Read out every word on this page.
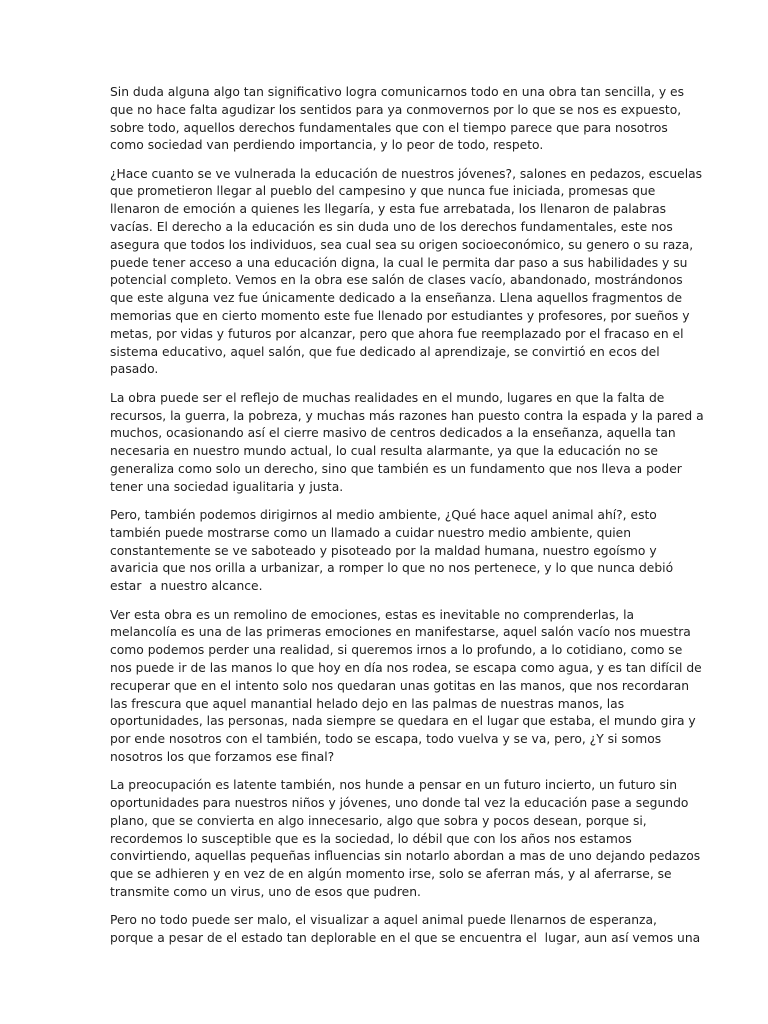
Sin duda alguna algo tan significativo logra comunicarnos todo en una obra tan sencilla, y es
que no hace falta agudizar los sentidos para ya conmovernos por lo que se nos es expuesto,
sobre todo, aquellos derechos fundamentales que con el tiempo parece que para nosotros
como sociedad van perdiendo importancia, y lo peor de todo, respeto.

¿Hace cuanto se ve vulnerada la educación de nuestros jóvenes?, salones en pedazos, escuelas
que prometieron llegar al pueblo del campesino y que nunca fue iniciada, promesas que
llenaron de emoción a quienes les llegaría, y esta fue arrebatada, los llenaron de palabras
vacías. El derecho a la educación es sin duda uno de los derechos fundamentales, este nos
asegura que todos los individuos, sea cual sea su origen socioeconómico, su genero o su raza,
puede tener acceso a una educación digna, la cual le permita dar paso a sus habilidades y su
potencial completo. Vemos en la obra ese salón de clases vacío, abandonado, mostrándonos
que este alguna vez fue únicamente dedicado a la enseñanza. Llena aquellos fragmentos de
memorias que en cierto momento este fue llenado por estudiantes y profesores, por sueños y
metas, por vidas y futuros por alcanzar, pero que ahora fue reemplazado por el fracaso en el
sistema educativo, aquel salón, que fue dedicado al aprendizaje, se convirtió en ecos del
pasado.

La obra puede ser el reflejo de muchas realidades en el mundo, lugares en que la falta de
recursos, la guerra, la pobreza, y muchas más razones han puesto contra la espada y la pared a
muchos, ocasionando así el cierre masivo de centros dedicados a la enseñanza, aquella tan
necesaria en nuestro mundo actual, lo cual resulta alarmante, ya que la educación no se
generaliza como solo un derecho, sino que también es un fundamento que nos lleva a poder
tener una sociedad igualitaria y justa.

Pero, también podemos dirigirnos al medio ambiente, ¿Qué hace aquel animal ahí?, esto
también puede mostrarse como un llamado a cuidar nuestro medio ambiente, quien
constantemente se ve saboteado y pisoteado por la maldad humana, nuestro egoísmo y
avaricia que nos orilla a urbanizar, a romper lo que no nos pertenece, y lo que nunca debió
estar  a nuestro alcance.

Ver esta obra es un remolino de emociones, estas es inevitable no comprenderlas, la
melancolía es una de las primeras emociones en manifestarse, aquel salón vacío nos muestra
como podemos perder una realidad, si queremos irnos a lo profundo, a lo cotidiano, como se
nos puede ir de las manos lo que hoy en día nos rodea, se escapa como agua, y es tan difícil de
recuperar que en el intento solo nos quedaran unas gotitas en las manos, que nos recordaran
las frescura que aquel manantial helado dejo en las palmas de nuestras manos, las
oportunidades, las personas, nada siempre se quedara en el lugar que estaba, el mundo gira y
por ende nosotros con el también, todo se escapa, todo vuelva y se va, pero, ¿Y si somos
nosotros los que forzamos ese final?

La preocupación es latente también, nos hunde a pensar en un futuro incierto, un futuro sin
oportunidades para nuestros niños y jóvenes, uno donde tal vez la educación pase a segundo
plano, que se convierta en algo innecesario, algo que sobra y pocos desean, porque si,
recordemos lo susceptible que es la sociedad, lo débil que con los años nos estamos
convirtiendo, aquellas pequeñas influencias sin notarlo abordan a mas de uno dejando pedazos
que se adhieren y en vez de en algún momento irse, solo se aferran más, y al aferrarse, se
transmite como un virus, uno de esos que pudren.

Pero no todo puede ser malo, el visualizar a aquel animal puede llenarnos de esperanza,
porque a pesar de el estado tan deplorable en el que se encuentra el  lugar, aun así vemos una
